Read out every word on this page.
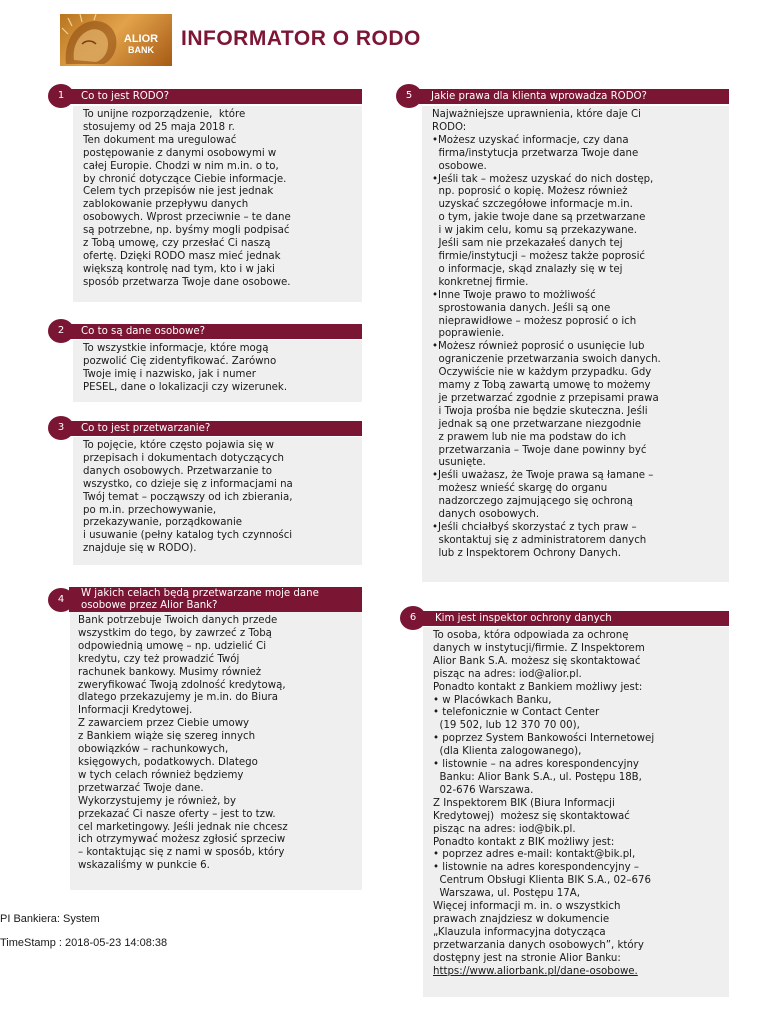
ALIOR
BANK	INFORMATOR O RODO
Co to jest RODO?
1

To unijne rozporządzenie,  które

stosujemy od 25 maja 2018 r.

Ten dokument ma uregulować

postępowanie z danymi osobowymi w

całej Europie. Chodzi w nim m.in. o to,

by chronić dotyczące Ciebie informacje.

Celem tych przepisów nie jest jednak

zablokowanie przepływu danych

osobowych. Wprost przeciwnie – te dane

są potrzebne, np. byśmy mogli podpisać

z Tobą umowę, czy przesłać Ci naszą

ofertę. Dzięki RODO masz mieć jednak

większą kontrolę nad tym, kto i w jaki

sposób przetwarza Twoje dane osobowe.

Co to są dane osobowe?
2

To wszystkie informacje, które mogą

pozwolić Cię zidentyfikować. Zarówno

Twoje imię i nazwisko, jak i numer

PESEL, dane o lokalizacji czy wizerunek.

Co to jest przetwarzanie?
3

To pojęcie, które często pojawia się w

przepisach i dokumentach dotyczących

danych osobowych. Przetwarzanie to

wszystko, co dzieje się z informacjami na

Twój temat – począwszy od ich zbierania,

po m.in. przechowywanie,

przekazywanie, porządkowanie

i usuwanie (pełny katalog tych czynności

znajduje się w RODO).

W jakich celach będą przetwarzane moje dane osobowe przez Alior Bank?
4

Bank potrzebuje Twoich danych przede

wszystkim do tego, by zawrzeć z Tobą

odpowiednią umowę – np. udzielić Ci

kredytu, czy też prowadzić Twój

rachunek bankowy. Musimy również

zweryfikować Twoją zdolność kredytową,

dlatego przekazujemy je m.in. do Biura

Informacji Kredytowej.

Z zawarciem przez Ciebie umowy

z Bankiem wiąże się szereg innych

obowiązków – rachunkowych,

księgowych, podatkowych. Dlatego

w tych celach również będziemy

przetwarzać Twoje dane.

Wykorzystujemy je również, by

przekazać Ci nasze oferty – jest to tzw.

cel marketingowy. Jeśli jednak nie chcesz

ich otrzymywać możesz zgłosić sprzeciw

– kontaktując się z nami w sposób, który

wskazaliśmy w punkcie 6.

Jakie prawa dla klienta wprowadza RODO?
5

Najważniejsze uprawnienia, które daje Ci

RODO:

•Możesz uzyskać informacje, czy dana

firma/instytucja przetwarza Twoje dane

osobowe.

•Jeśli tak – możesz uzyskać do nich dostęp,

np. poprosić o kopię. Możesz również

uzyskać szczegółowe informacje m.in.

o tym, jakie twoje dane są przetwarzane

i w jakim celu, komu są przekazywane.

Jeśli sam nie przekazałeś danych tej

firmie/instytucji – możesz także poprosić

o informacje, skąd znalazły się w tej

konkretnej firmie.

•Inne Twoje prawo to możliwość

sprostowania danych. Jeśli są one

nieprawidłowe – możesz poprosić o ich

poprawienie.

•Możesz również poprosić o usunięcie lub

ograniczenie przetwarzania swoich danych.

Oczywiście nie w każdym przypadku. Gdy

mamy z Tobą zawartą umowę to możemy

je przetwarzać zgodnie z przepisami prawa

i Twoja prośba nie będzie skuteczna. Jeśli

jednak są one przetwarzane niezgodnie

z prawem lub nie ma podstaw do ich

przetwarzania – Twoje dane powinny być

usunięte.

•Jeśli uważasz, że Twoje prawa są łamane –

możesz wnieść skargę do organu

nadzorczego zajmującego się ochroną

danych osobowych.

•Jeśli chciałbyś skorzystać z tych praw –

skontaktuj się z administratorem danych

lub z Inspektorem Ochrony Danych.

Kim jest inspektor ochrony danych
6

To osoba, która odpowiada za ochronę

danych w instytucji/firmie. Z Inspektorem

Alior Bank S.A. możesz się skontaktować

pisząc na adres: iod@alior.pl.

Ponadto kontakt z Bankiem możliwy jest:

• w Placówkach Banku,

• telefonicznie w Contact Center

(19 502, lub 12 370 70 00),

• poprzez System Bankowości Internetowej

(dla Klienta zalogowanego),

• listownie – na adres korespondencyjny

Banku: Alior Bank S.A., ul. Postępu 18B,

02-676 Warszawa.

Z Inspektorem BIK (Biura Informacji

Kredytowej)  możesz się skontaktować

pisząc na adres: iod@bik.pl.

Ponadto kontakt z BIK możliwy jest:

• poprzez adres e-mail: kontakt@bik.pl,

• listownie na adres korespondencyjny –

Centrum Obsługi Klienta BIK S.A., 02–676

Warszawa, ul. Postępu 17A,

Więcej informacji m. in. o wszystkich

prawach znajdziesz w dokumencie

„Klauzula informacyjna dotycząca

przetwarzania danych osobowych”, który

dostępny jest na stronie Alior Banku:

https://www.aliorbank.pl/dane-osobowe.

PI Bankiera: System
TimeStamp : 2018-05-23 14:08:38
